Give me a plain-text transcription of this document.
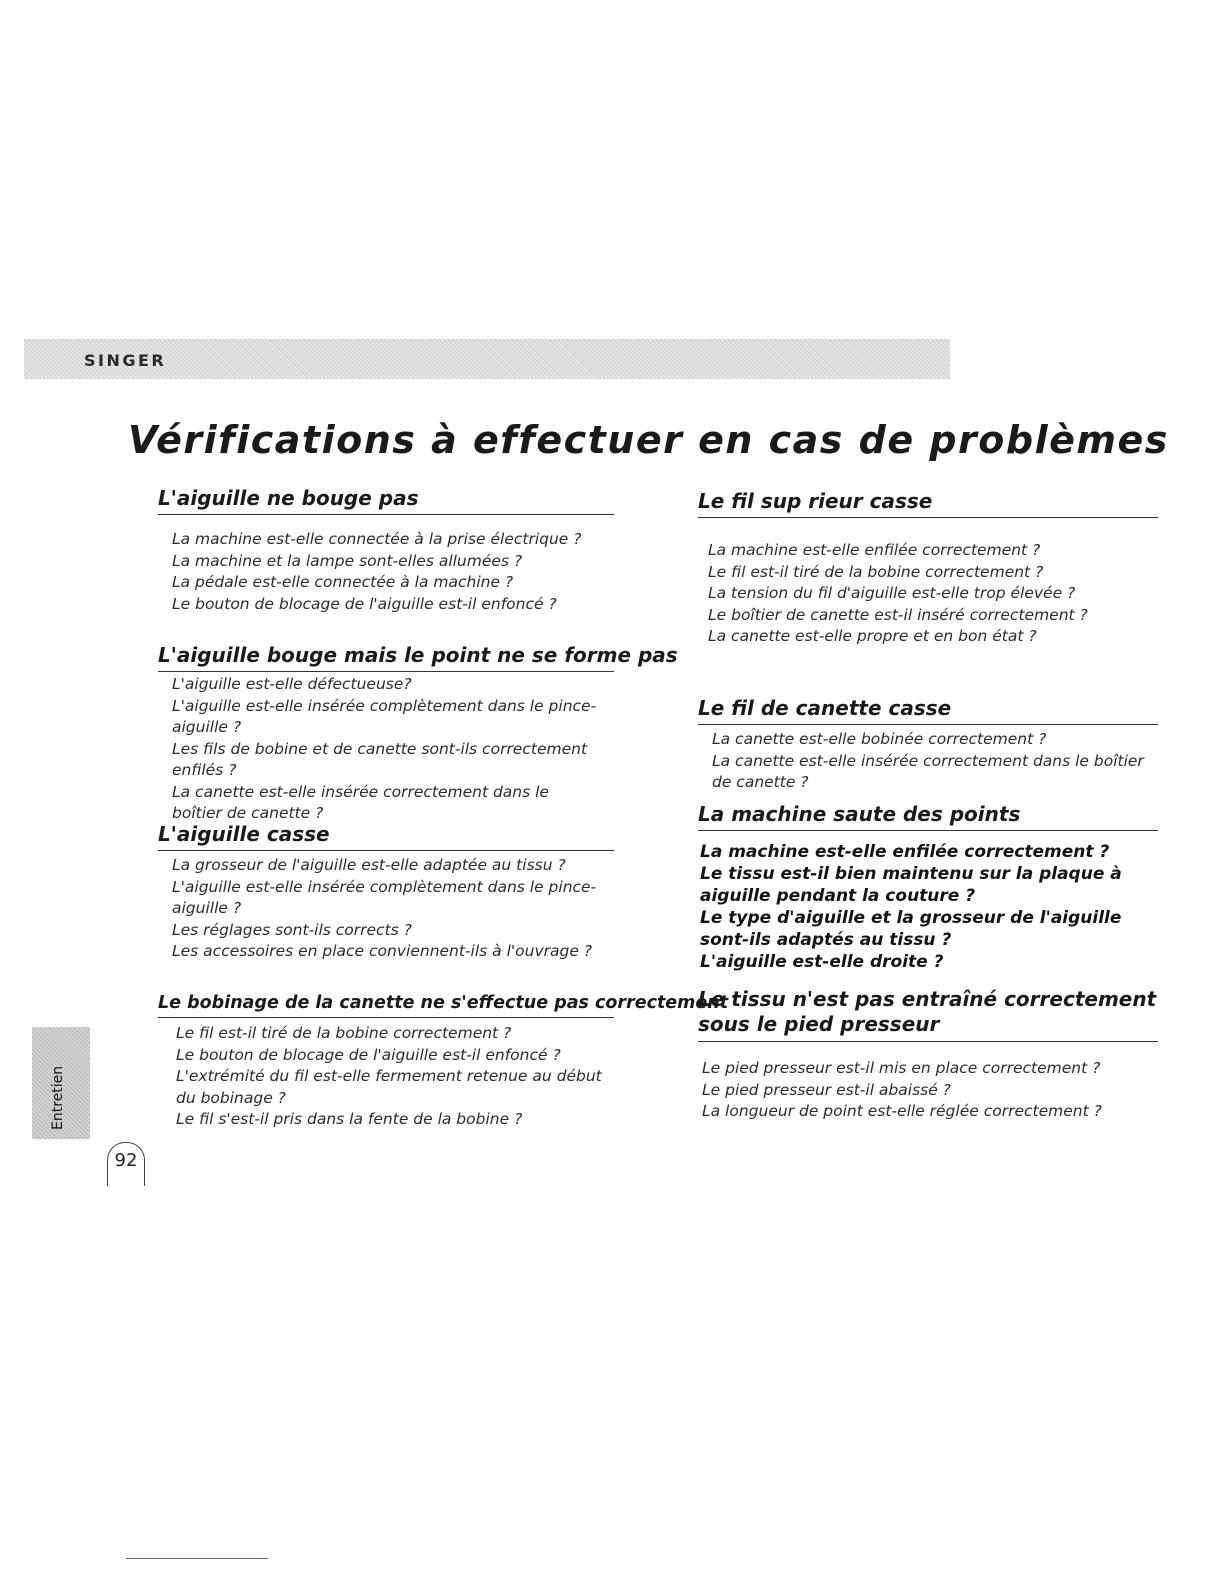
SINGER
Vérifications à effectuer en cas de problèmes
L'aiguille ne bouge pas
La machine est-elle connectée à la prise électrique ?
La machine et la lampe sont-elles allumées ?
La pédale est-elle connectée à la machine ?
Le bouton de blocage de l'aiguille est-il enfoncé ?
L'aiguille bouge mais le point ne se forme pas
L'aiguille est-elle défectueuse?
L'aiguille est-elle insérée complètement dans le pince-aiguille ?
Les fils de bobine et de canette sont-ils correctement enfilés ?
La canette est-elle insérée correctement dans le boîtier de canette ?
L'aiguille casse
La grosseur de l'aiguille est-elle adaptée au tissu ?
L'aiguille est-elle insérée complètement dans le pince-aiguille ?
Les réglages sont-ils corrects ?
Les accessoires en place conviennent-ils à l'ouvrage ?
Le bobinage de la canette ne s'effectue pas correctement
Le fil est-il tiré de la bobine correctement ?
Le bouton de blocage de l'aiguille est-il enfoncé ?
L'extrémité du fil est-elle fermement retenue au début du bobinage ?
Le fil s'est-il pris dans la fente de la bobine ?
Le fil sup rieur casse
La machine est-elle enfilée correctement ?
Le fil est-il tiré de la bobine correctement ?
La tension du fil d'aiguille est-elle trop élevée ?
Le boîtier de canette est-il inséré correctement ?
La canette est-elle propre et en bon état ?
Le fil de canette casse
La canette est-elle bobinée correctement ?
La canette est-elle insérée correctement dans le boîtier de canette ?
La machine saute des points
La machine est-elle enfilée correctement ?
Le tissu est-il bien maintenu sur la plaque à aiguille pendant la couture ?
Le type d'aiguille et la grosseur de l'aiguille sont-ils adaptés au tissu ?
L'aiguille est-elle droite ?
Le tissu n'est pas entraîné correctement sous le pied presseur
Le pied presseur est-il mis en place correctement ?
Le pied presseur est-il abaissé ?
La longueur de point est-elle réglée correctement ?
Entretien
92
